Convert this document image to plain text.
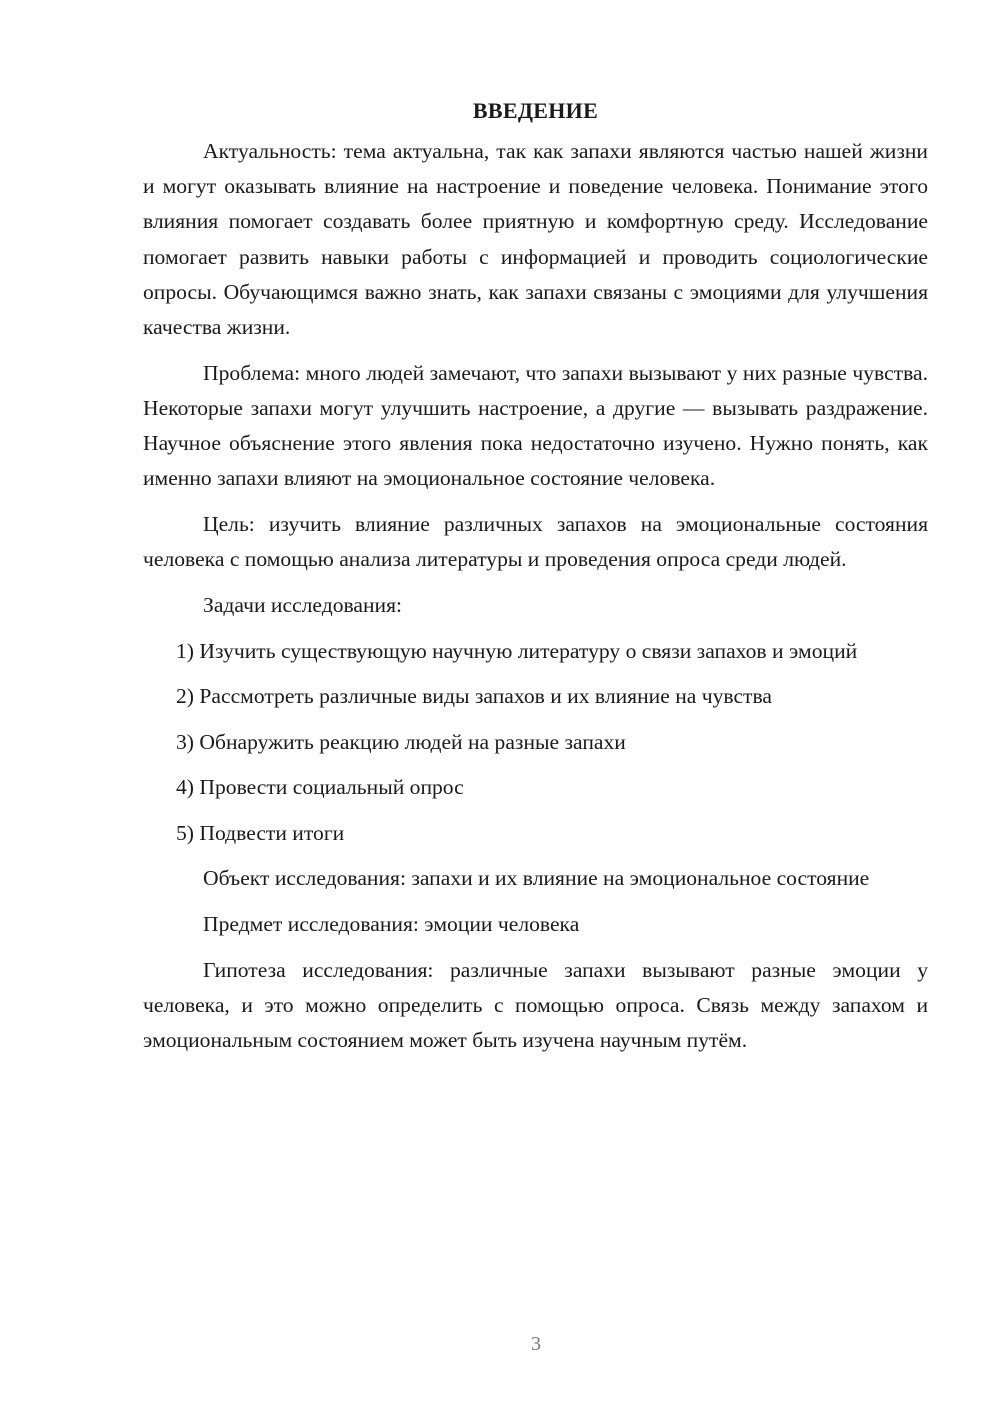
ВВЕДЕНИЕ
Актуальность: тема актуальна, так как запахи являются частью нашей жизни и могут оказывать влияние на настроение и поведение человека. Понимание этого влияния помогает создавать более приятную и комфортную среду. Исследование помогает развить навыки работы с информацией и проводить социологические опросы. Обучающимся важно знать, как запахи связаны с эмоциями для улучшения качества жизни.
Проблема: много людей замечают, что запахи вызывают у них разные чувства. Некоторые запахи могут улучшить настроение, а другие — вызывать раздражение. Научное объяснение этого явления пока недостаточно изучено. Нужно понять, как именно запахи влияют на эмоциональное состояние человека.
Цель: изучить влияние различных запахов на эмоциональные состояния человека с помощью анализа литературы и проведения опроса среди людей.
Задачи исследования:
1) Изучить существующую научную литературу о связи запахов и эмоций
2) Рассмотреть различные виды запахов и их влияние на чувства
3) Обнаружить реакцию людей на разные запахи
4) Провести социальный опрос
5) Подвести итоги
Объект исследования: запахи и их влияние на эмоциональное состояние
Предмет исследования: эмоции человека
Гипотеза исследования: различные запахи вызывают разные эмоции у человека, и это можно определить с помощью опроса. Связь между запахом и эмоциональным состоянием может быть изучена научным путём.
3
